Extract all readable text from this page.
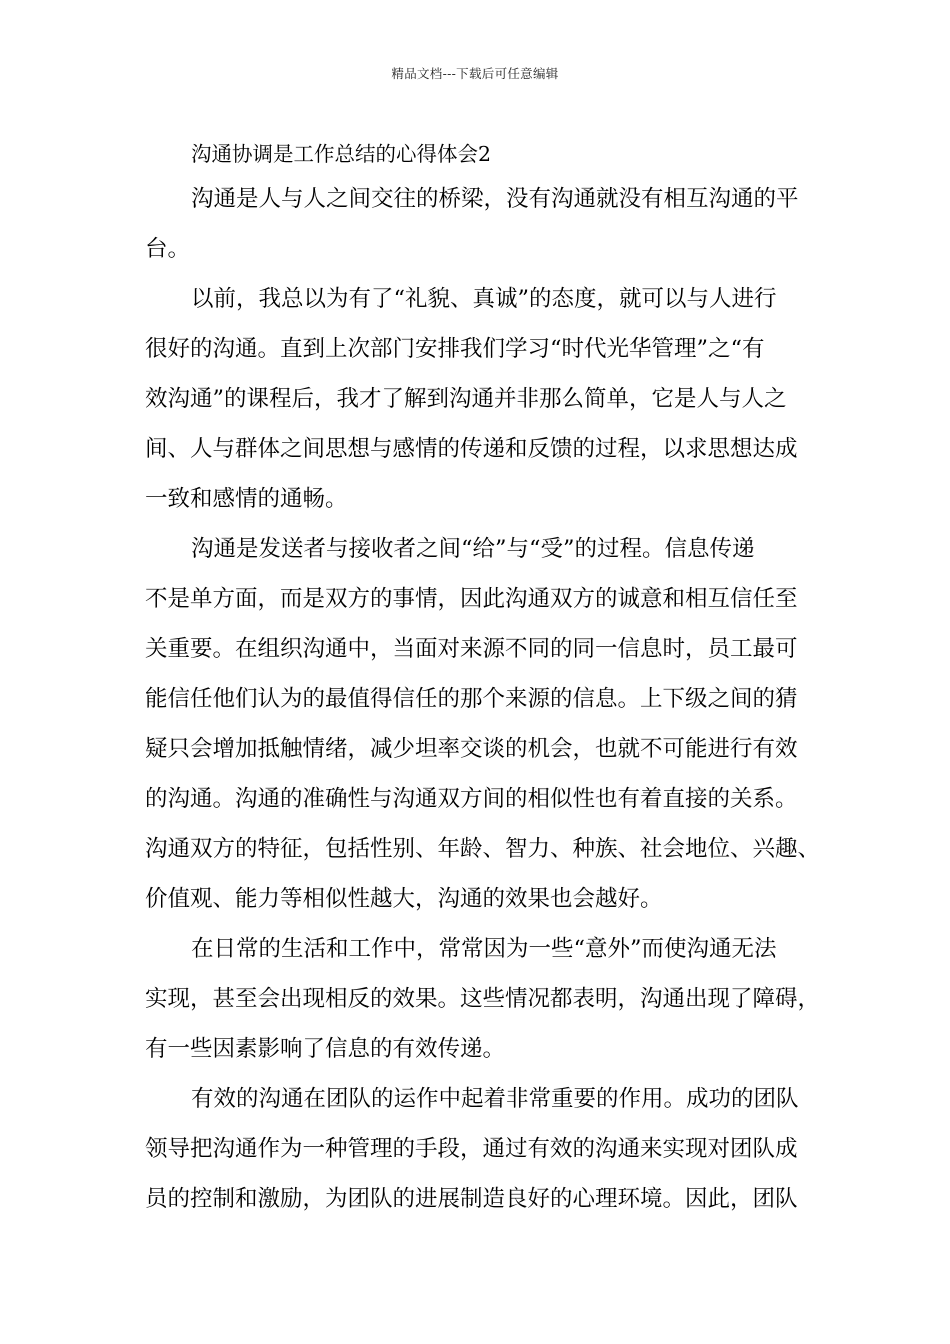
精品文档---下载后可任意编辑
沟通协调是工作总结的心得体会2
沟通是人与人之间交往的桥梁，没有沟通就没有相互沟通的平
台。
以前，我总以为有了“礼貌、真诚”的态度，就可以与人进行
很好的沟通。直到上次部门安排我们学习“时代光华管理”之“有
效沟通”的课程后，我才了解到沟通并非那么简单，它是人与人之
间、人与群体之间思想与感情的传递和反馈的过程，以求思想达成
一致和感情的通畅。
沟通是发送者与接收者之间“给”与“受”的过程。信息传递
不是单方面，而是双方的事情，因此沟通双方的诚意和相互信任至
关重要。在组织沟通中，当面对来源不同的同一信息时，员工最可
能信任他们认为的最值得信任的那个来源的信息。上下级之间的猜
疑只会增加抵触情绪，减少坦率交谈的机会，也就不可能进行有效
的沟通。沟通的准确性与沟通双方间的相似性也有着直接的关系。
沟通双方的特征，包括性别、年龄、智力、种族、社会地位、兴趣、
价值观、能力等相似性越大，沟通的效果也会越好。
在日常的生活和工作中，常常因为一些“意外”而使沟通无法
实现，甚至会出现相反的效果。这些情况都表明，沟通出现了障碍，
有一些因素影响了信息的有效传递。
有效的沟通在团队的运作中起着非常重要的作用。成功的团队
领导把沟通作为一种管理的手段，通过有效的沟通来实现对团队成
员的控制和激励，为团队的进展制造良好的心理环境。因此，团队
